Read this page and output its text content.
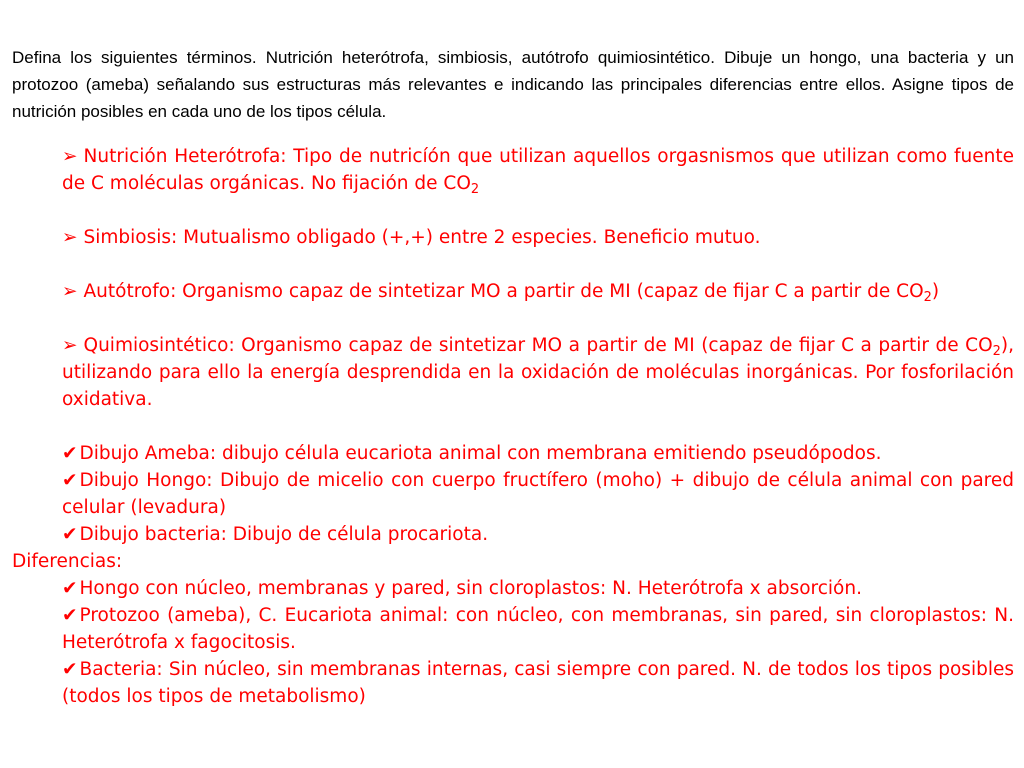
Defina los siguientes términos. Nutrición heterótrofa, simbiosis, autótrofo quimiosintético. Dibuje un hongo, una bacteria y un protozoo (ameba) señalando sus estructuras más relevantes e indicando las principales diferencias entre ellos. Asigne tipos de nutrición posibles en cada uno de los tipos célula.

➢ Nutrición Heterótrofa: Tipo de nutricíón que utilizan aquellos orgasnismos que utilizan como fuente de C moléculas orgánicas. No fijación de $CO_2$

➢ Simbiosis: Mutualismo obligado (+,+) entre 2 especies. Beneficio mutuo.

➢ Autótrofo: Organismo capaz de sintetizar MO a partir de MI (capaz de fijar C a partir de $CO_2$)

➢ Quimiosintético: Organismo capaz de sintetizar MO a partir de MI (capaz de fijar C a partir de $CO_2$), utilizando para ello la energía desprendida en la oxidación de moléculas inorgánicas. Por fosforilación oxidativa.

✔ Dibujo Ameba: dibujo célula eucariota animal con membrana emitiendo pseudópodos.

✔ Dibujo Hongo: Dibujo de micelio con cuerpo fructífero (moho) + dibujo de célula animal con pared celular (levadura)

✔ Dibujo bacteria: Dibujo de célula procariota.

Diferencias:

✔ Hongo con núcleo, membranas y pared, sin cloroplastos: N. Heterótrofa x absorción.

✔ Protozoo (ameba), C. Eucariota animal: con núcleo, con membranas, sin pared, sin cloroplastos: N. Heterótrofa x fagocitosis.

✔ Bacteria: Sin núcleo, sin membranas internas, casi siempre con pared. N. de todos los tipos posibles (todos los tipos de metabolismo)
